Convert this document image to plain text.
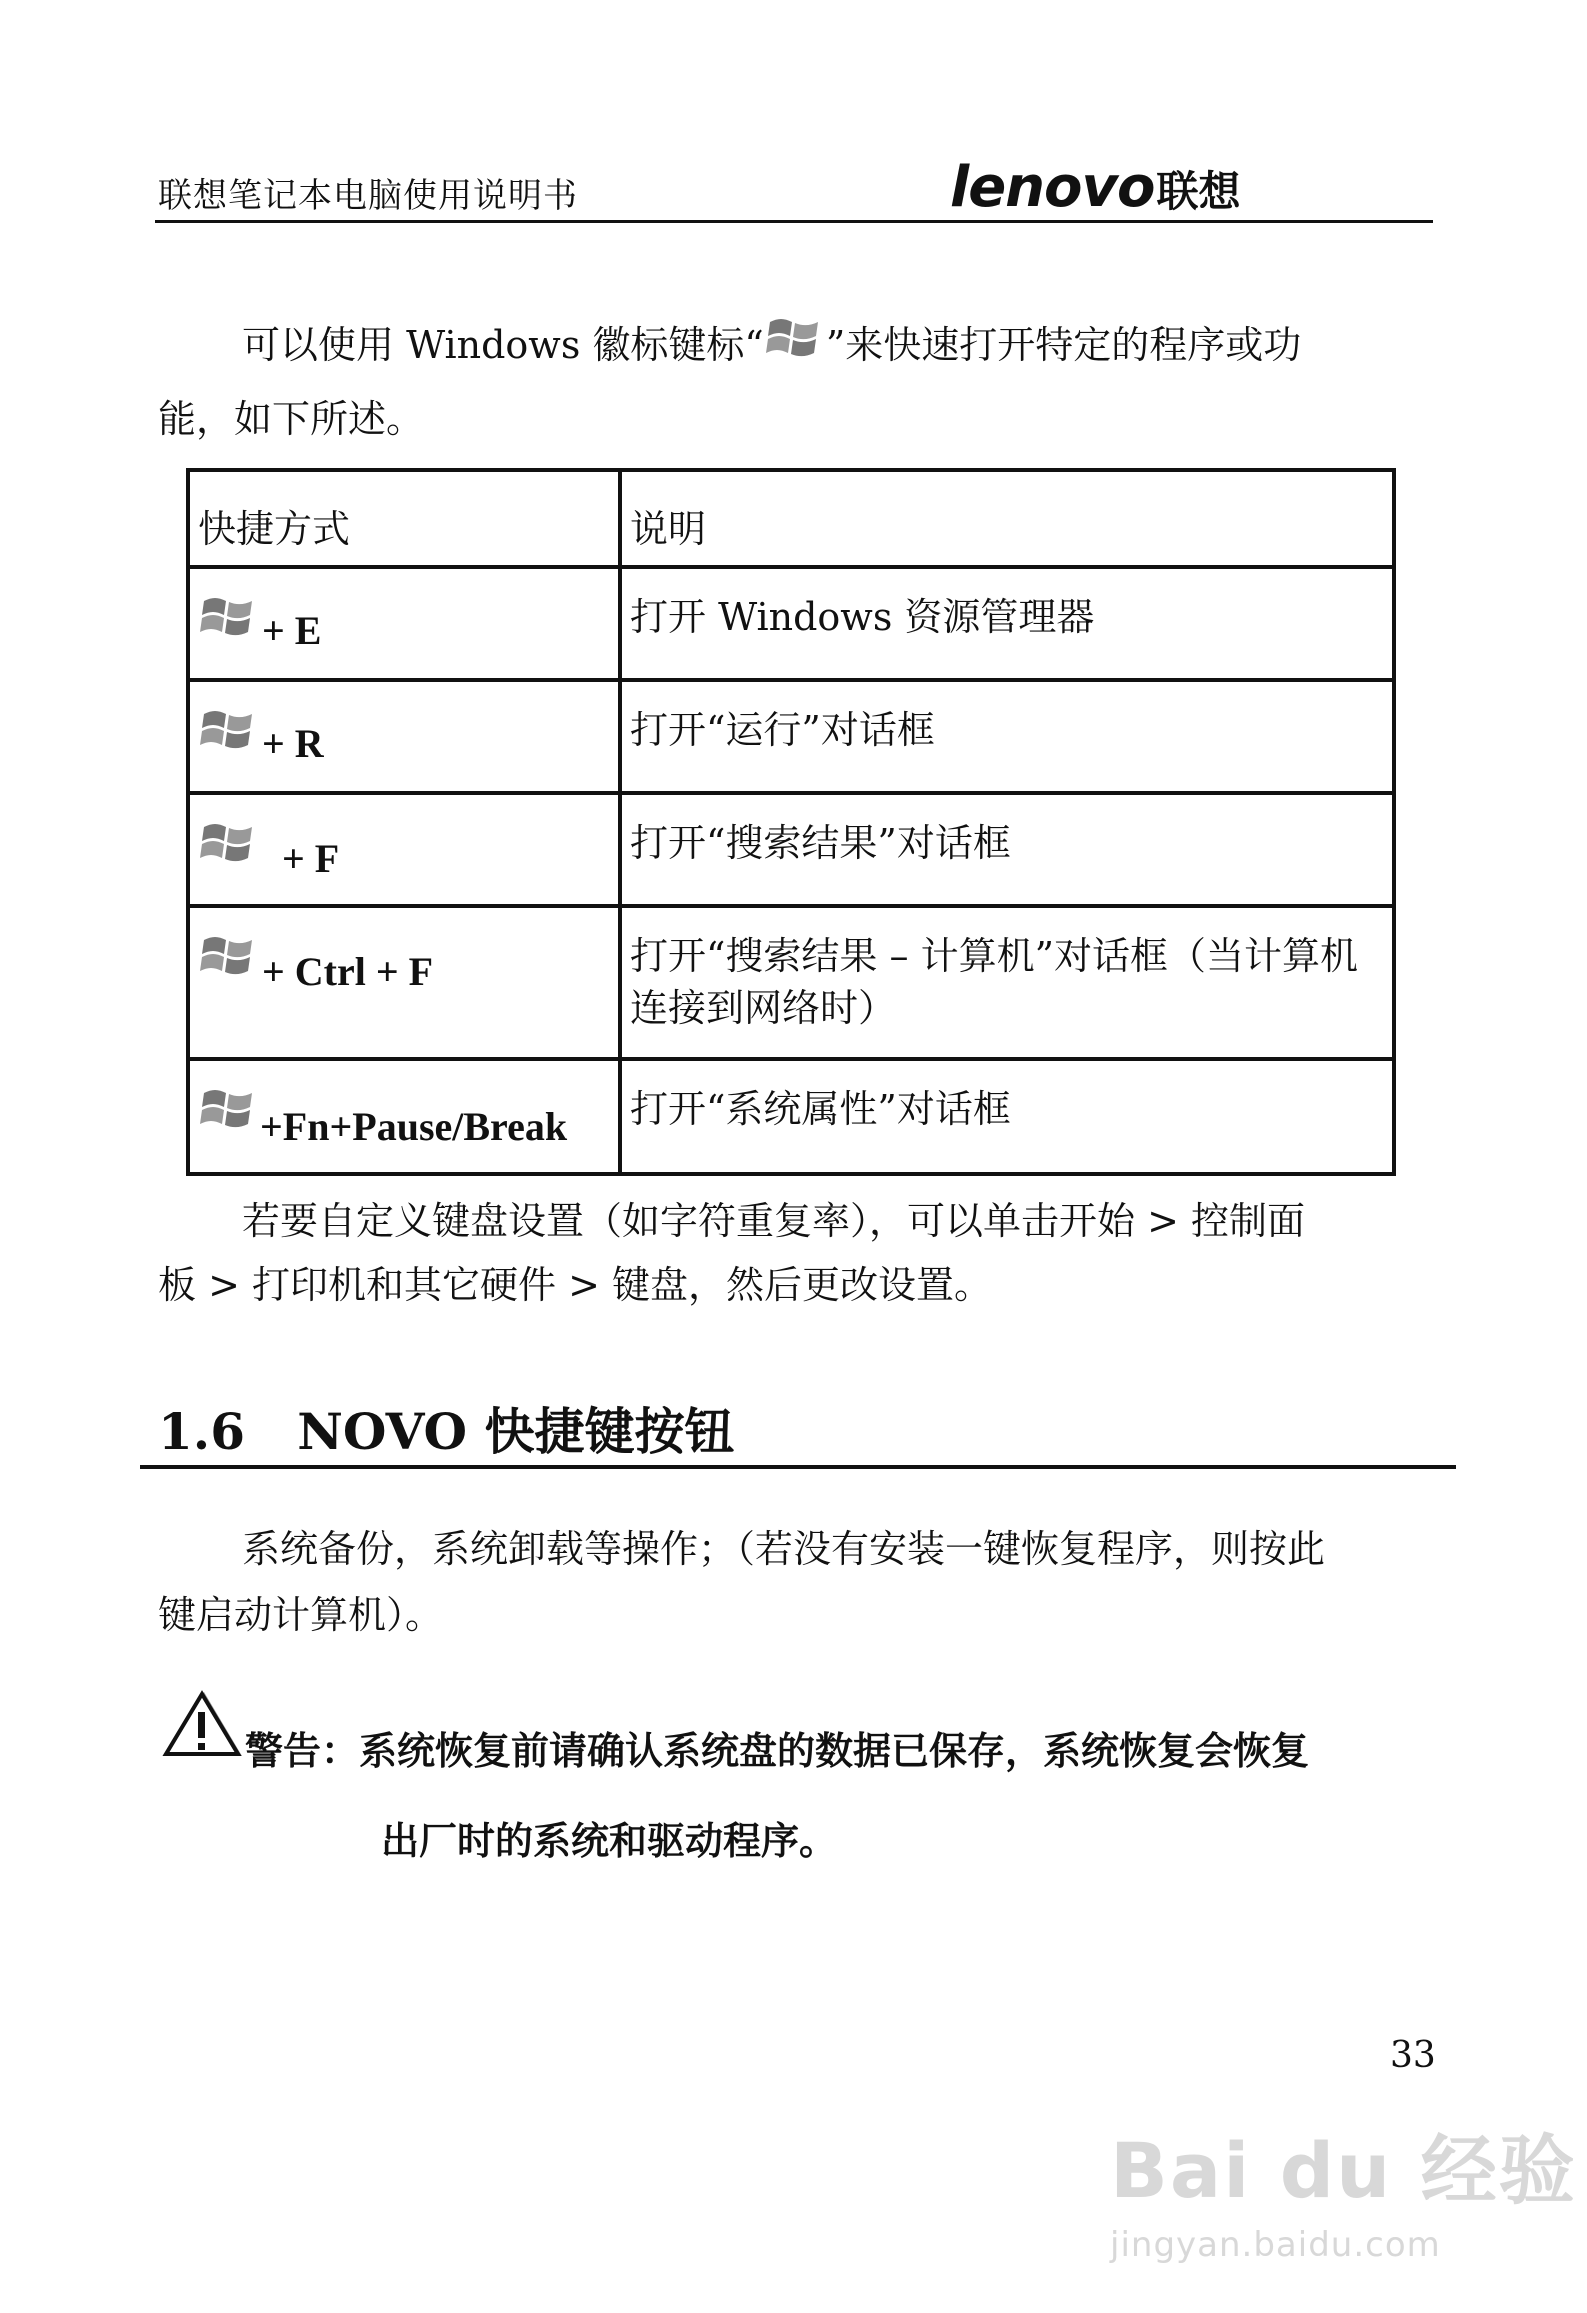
联想笔记本电脑使用说明书	lenovo 联想
可以使用 Windows 徽标键标“ ”来快速打开特定的程序或功
能，如下所述。
快捷方式	说明

+ E	打开 Windows 资源管理器

+ R	打开“运行”对话框

+ F	打开“搜索结果”对话框

+ Ctrl + F	打开“搜索结果 – 计算机”对话框（当计算机连接到网络时）

+Fn+Pause/Break	打开“系统属性”对话框
若要自定义键盘设置（如字符重复率），可以单击开始 > 控制面
板 > 打印机和其它硬件 > 键盘，然后更改设置。
1.6   NOVO 快捷键按钮
系统备份，系统卸载等操作；（若没有安装一键恢复程序，则按此
键启动计算机）。
警告：系统恢复前请确认系统盘的数据已保存，系统恢复会恢复
出厂时的系统和驱动程序。
33
Bai du 经验
jingyan.baidu.com
